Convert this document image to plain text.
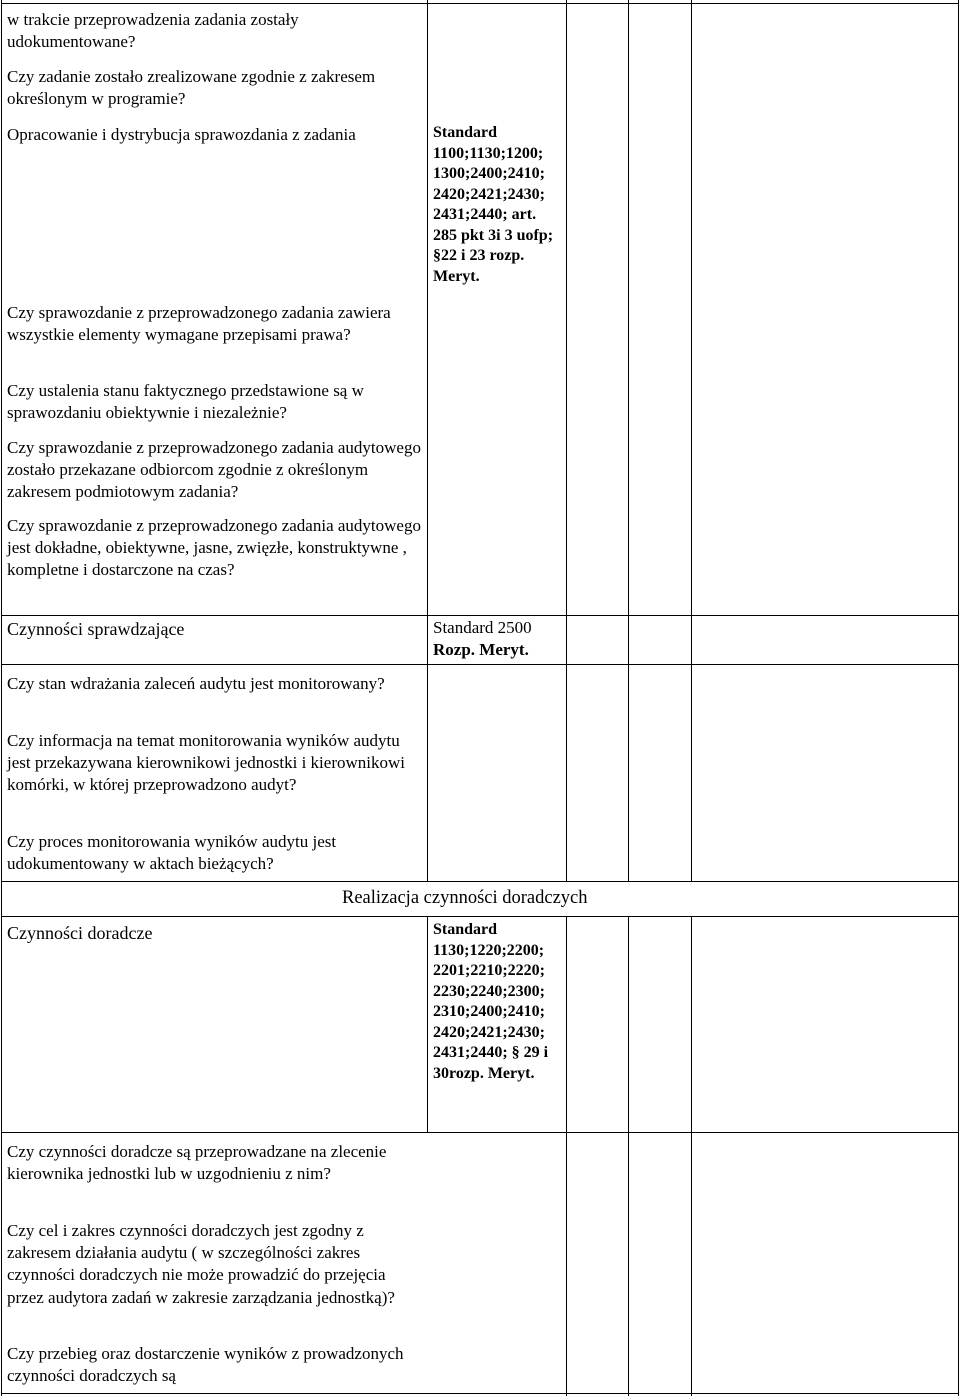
w trakcie przeprowadzenia zadania zostały udokumentowane?

Czy zadanie zostało zrealizowane zgodnie z zakresem określonym w programie?

Opracowanie i dystrybucja sprawozdania z zadania

Czy sprawozdanie z przeprowadzonego zadania zawiera wszystkie elementy wymagane przepisami prawa?

Czy ustalenia stanu faktycznego przedstawione są w sprawozdaniu obiektywnie i niezależnie?

Czy sprawozdanie z przeprowadzonego zadania audytowego zostało przekazane odbiorcom zgodnie z określonym zakresem podmiotowym zadania?

Czy sprawozdanie z przeprowadzonego zadania audytowego jest dokładne, obiektywne, jasne, zwięzłe, konstruktywne , kompletne i dostarczone na czas?

Czynności sprawdzające

Czy stan wdrażania zaleceń audytu jest monitorowany?

Czy informacja na temat monitorowania wyników audytu jest przekazywana kierownikowi jednostki i kierownikowi komórki, w której przeprowadzono audyt?

Czy proces monitorowania wyników audytu jest udokumentowany w aktach bieżących?

Realizacja czynności doradczych

Czynności doradcze

Czy czynności doradcze są przeprowadzane na zlecenie kierownika jednostki lub w uzgodnieniu z nim?

Czy cel i zakres czynności doradczych jest zgodny z zakresem działania audytu ( w szczególności zakres czynności doradczych nie może prowadzić do przejęcia przez audytora zadań w zakresie zarządzania jednostką)?

Czy przebieg oraz dostarczenie wyników z prowadzonych czynności doradczych są

Standard 1100;1130;1200; 1300;2400;2410; 2420;2421;2430; 2431;2440; art. 285 pkt 3i 3 uofp; §22 i 23 rozp. Meryt.

Standard 2500
Rozp. Meryt.

Standard 1130;1220;2200; 2201;2210;2220; 2230;2240;2300; 2310;2400;2410; 2420;2421;2430; 2431;2440; § 29 i 30rozp. Meryt.
